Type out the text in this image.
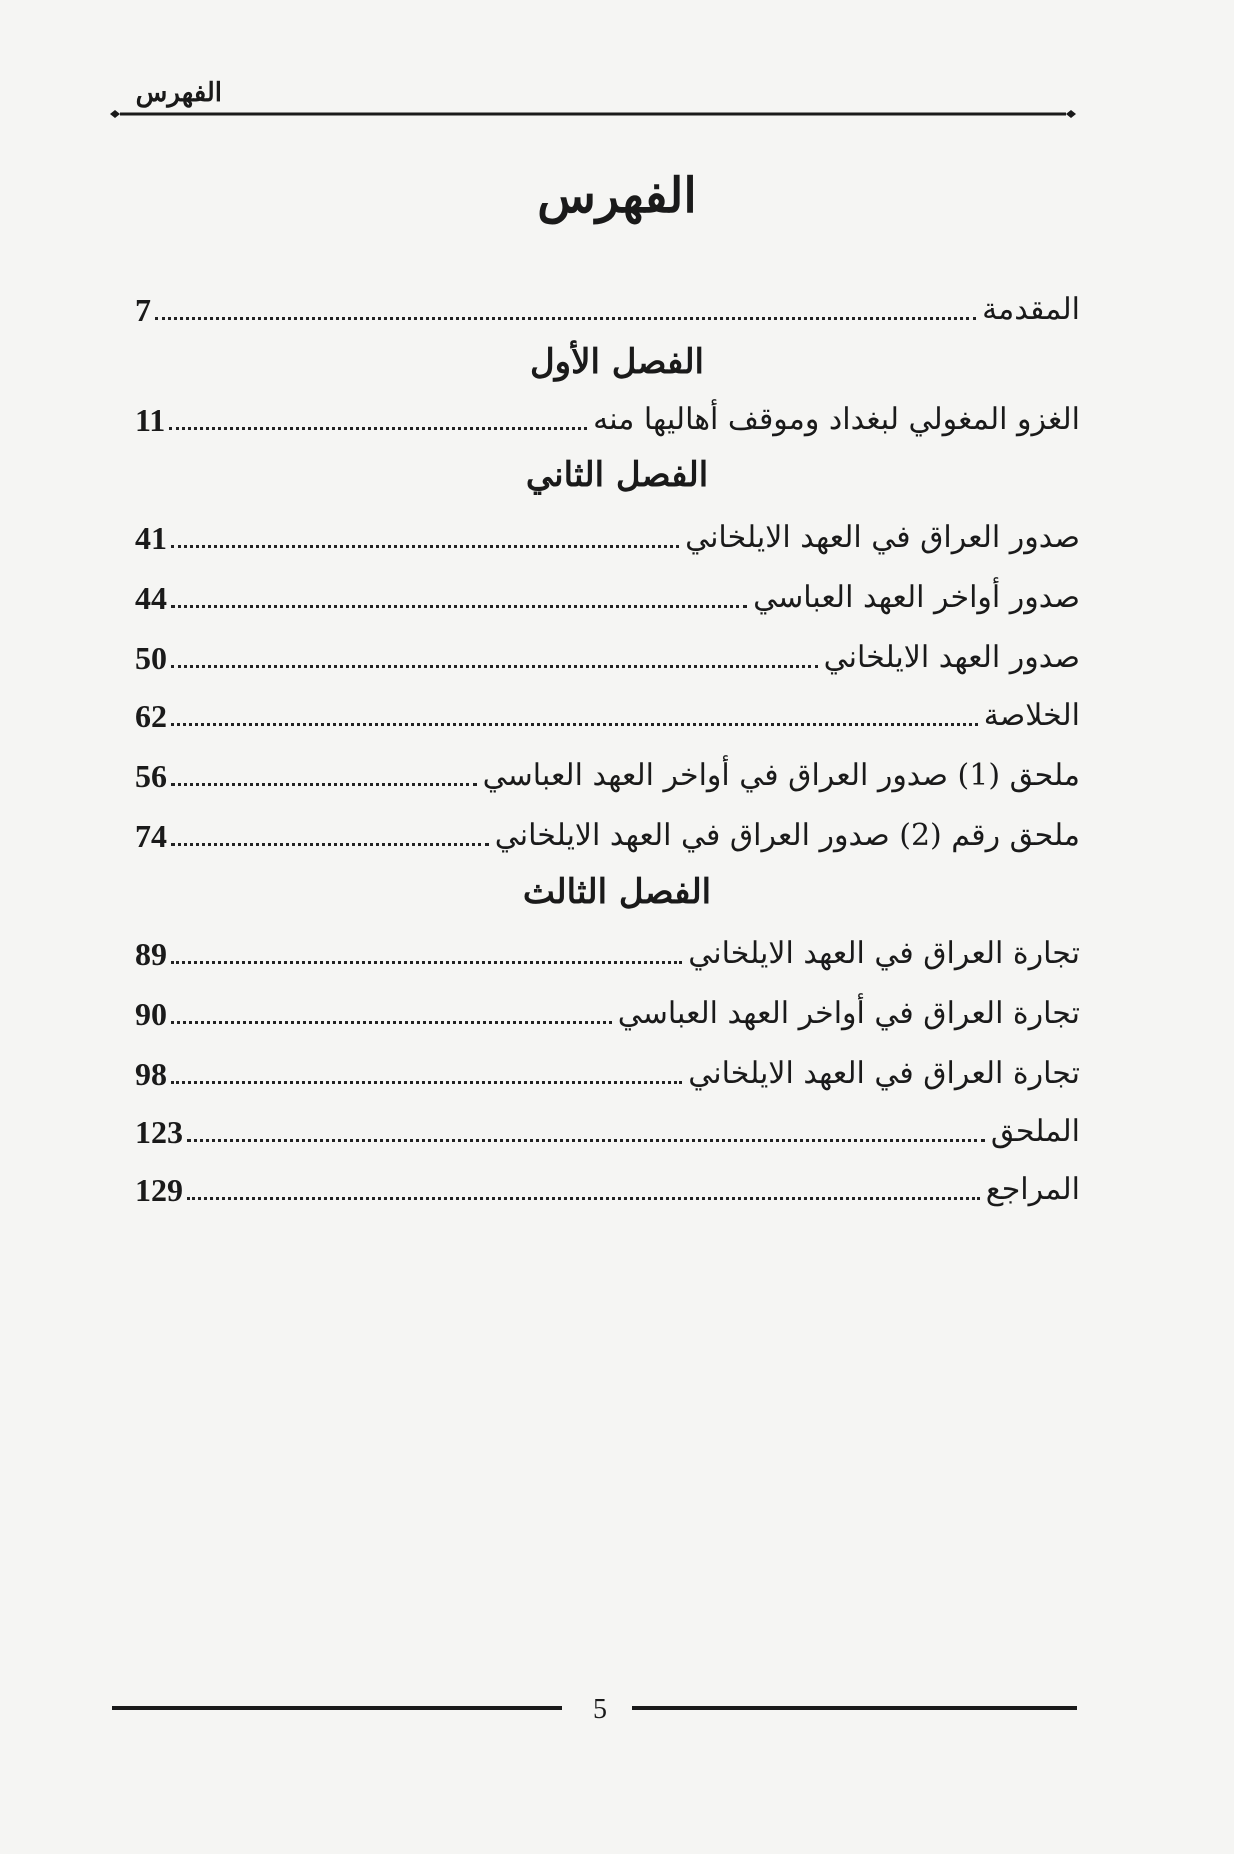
الفهرس
الفهرس
المقدمة
7
الفصل الأول
الغزو المغولي لبغداد وموقف أهاليها منه
11
الفصل الثاني
صدور العراق في العهد الايلخاني
41
صدور أواخر العهد العباسي
44
صدور العهد الايلخاني
50
الخلاصة
62
ملحق (1) صدور العراق في أواخر العهد العباسي
56
ملحق رقم (2) صدور العراق في العهد الايلخاني
74
الفصل الثالث
تجارة العراق في العهد الايلخاني
89
تجارة العراق في أواخر العهد العباسي
90
تجارة العراق في العهد الايلخاني
98
الملحق
123
المراجع
129
5
